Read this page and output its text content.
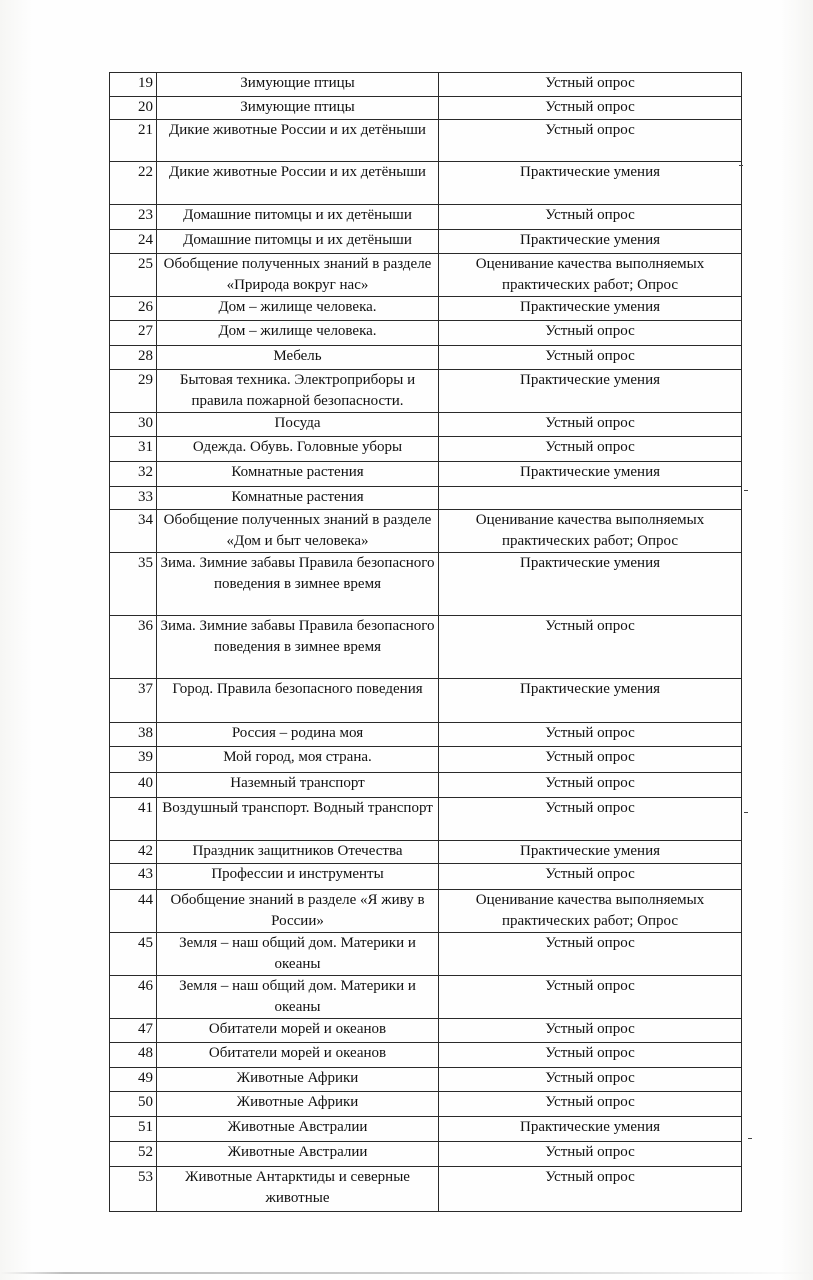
19	Зимующие птицы	Устный опрос
20	Зимующие птицы	Устный опрос
21	Дикие животные России и их детёныши	Устный опрос
22	Дикие животные России и их детёныши	Практические умения
23	Домашние питомцы и их детёныши	Устный опрос
24	Домашние питомцы и их детёныши	Практические умения
25	Обобщение полученных знаний в разделе «Природа вокруг нас»	Оценивание качества выполняемых практических работ; Опрос
26	Дом – жилище человека.	Практические умения
27	Дом – жилище человека.	Устный опрос
28	Мебель	Устный опрос
29	Бытовая техника. Электроприборы и правила пожарной безопасности.	Практические умения
30	Посуда	Устный опрос
31	Одежда. Обувь. Головные уборы	Устный опрос
32	Комнатные растения	Практические умения
33	Комнатные растения	
34	Обобщение полученных знаний в разделе «Дом и быт человека»	Оценивание качества выполняемых практических работ; Опрос
35	Зима. Зимние забавы Правила безопасного поведения в зимнее время	Практические умения
36	Зима. Зимние забавы Правила безопасного поведения в зимнее время	Устный опрос
37	Город. Правила безопасного поведения	Практические умения
38	Россия – родина моя	Устный опрос
39	Мой город, моя страна.	Устный опрос
40	Наземный транспорт	Устный опрос
41	Воздушный транспорт. Водный транспорт	Устный опрос
42	Праздник защитников Отечества	Практические умения
43	Профессии и инструменты	Устный опрос
44	Обобщение знаний в разделе «Я живу в России»	Оценивание качества выполняемых практических работ; Опрос
45	Земля – наш общий дом. Материки и океаны	Устный опрос
46	Земля – наш общий дом. Материки и океаны	Устный опрос
47	Обитатели морей и океанов	Устный опрос
48	Обитатели морей и океанов	Устный опрос
49	Животные Африки	Устный опрос
50	Животные Африки	Устный опрос
51	Животные Австралии	Практические умения
52	Животные Австралии	Устный опрос
53	Животные Антарктиды и северные животные	Устный опрос
